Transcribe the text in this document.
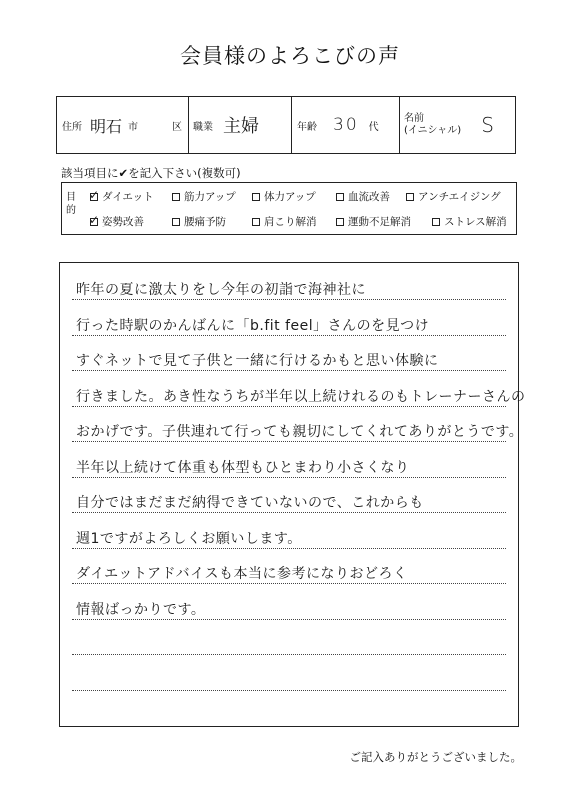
会員様のよろこびの声
住所 明石 市	区 職業 主婦	年齢 30 代
名前
(イニシャル) S
該当項目に✔を記入下さい(複数可)
目的
✓
ダイエット	筋力アップ	体力アップ	血流改善	アンチエイジング
✓
姿勢改善	腰痛予防	肩こり解消	運動不足解消	ストレス解消
昨年の夏に激太りをし今年の初詣で海神社に
行った時駅のかんばんに「b.fit feel」さんのを見つけ
すぐネットで見て子供と一緒に行けるかもと思い体験に
行きました。あき性なうちが半年以上続けれるのもトレーナーさんの
おかげです。子供連れて行っても親切にしてくれてありがとうです。
半年以上続けて体重も体型もひとまわり小さくなり
自分ではまだまだ納得できていないので、これからも
週1ですがよろしくお願いします。
ダイエットアドバイスも本当に参考になりおどろく
情報ばっかりです。
ご記入ありがとうございました。
